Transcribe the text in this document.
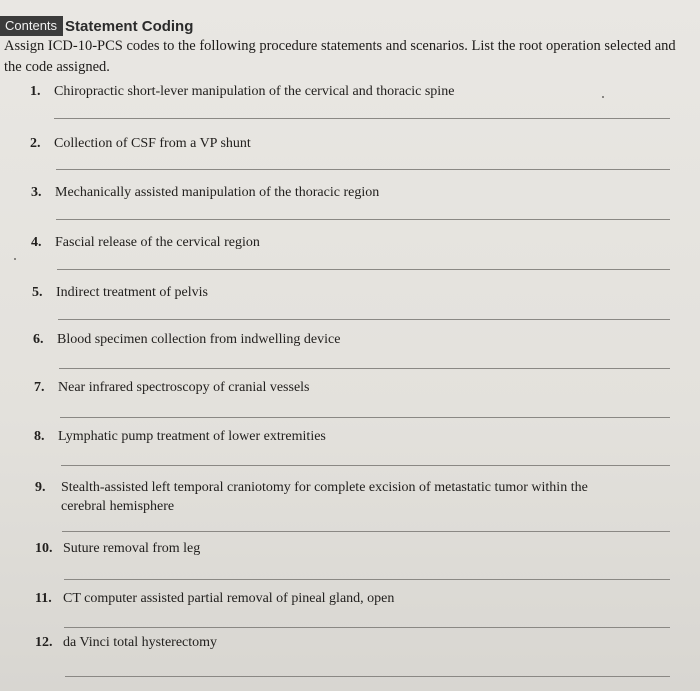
Contents Statement Coding

Assign ICD-10-PCS codes to the following procedure statements and scenarios. List the root operation selected and the code assigned.

1. Chiropractic short-lever manipulation of the cervical and thoracic spine
2. Collection of CSF from a VP shunt
3. Mechanically assisted manipulation of the thoracic region
4. Fascial release of the cervical region
5. Indirect treatment of pelvis
6. Blood specimen collection from indwelling device
7. Near infrared spectroscopy of cranial vessels
8. Lymphatic pump treatment of lower extremities
9.	Stealth-assisted left temporal craniotomy for complete excision of metastatic tumor within the cerebral hemisphere
10. Suture removal from leg
11. CT computer assisted partial removal of pineal gland, open
12. da Vinci total hysterectomy
